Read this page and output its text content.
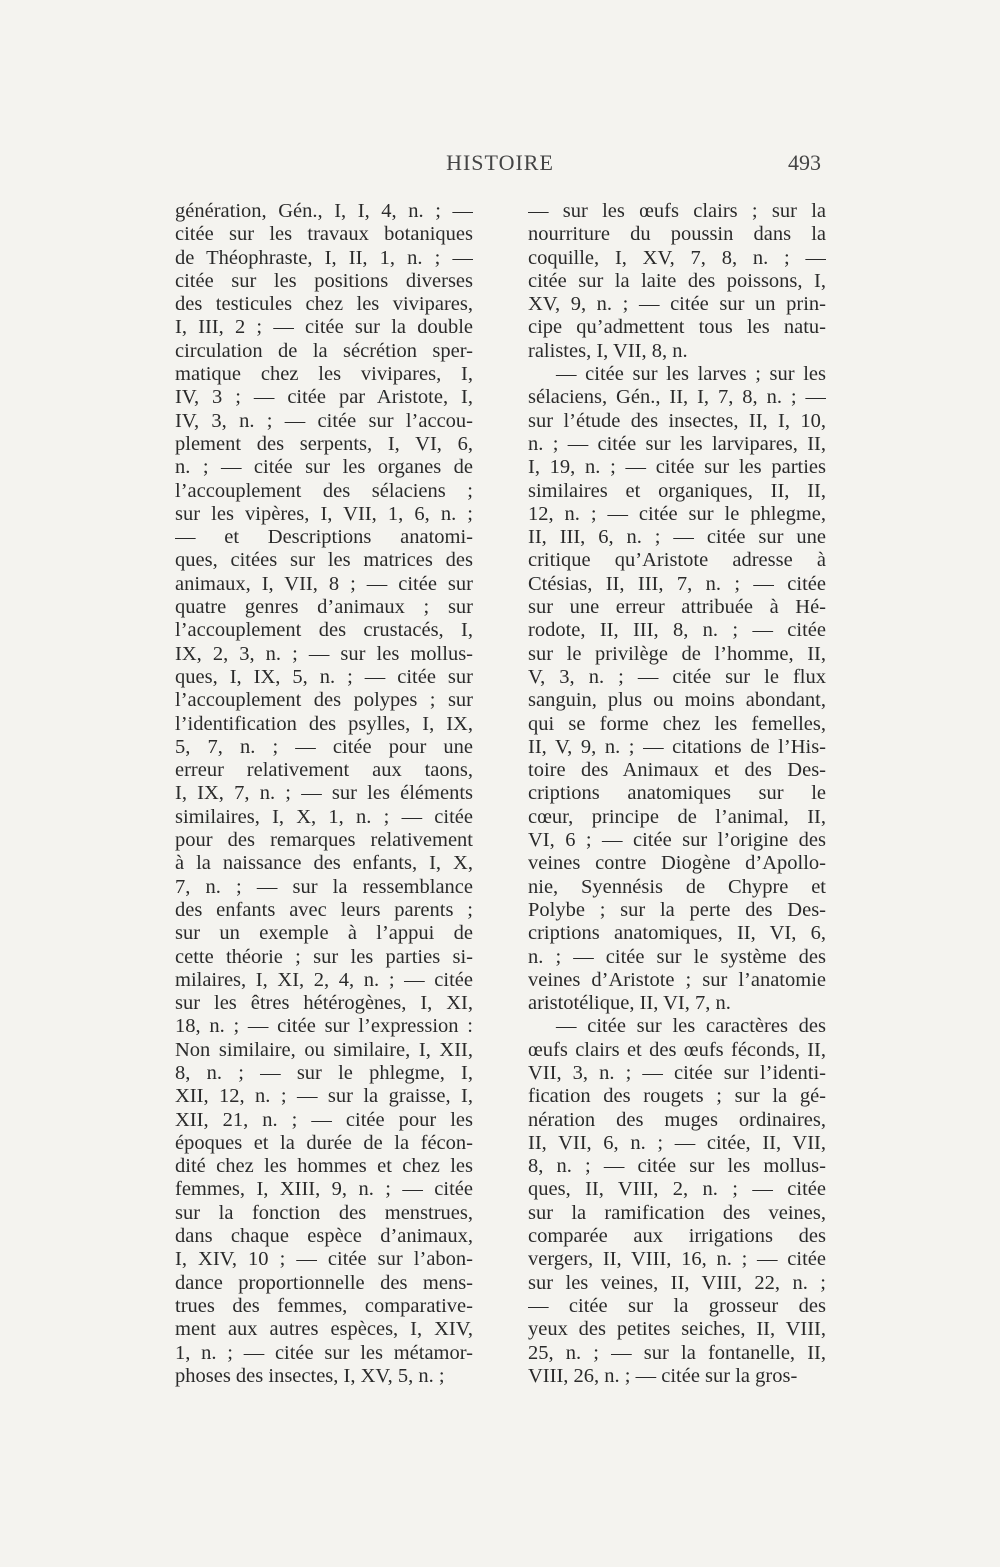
HISTOIRE	493
génération, Gén., I, I, 4, n. ; —
citée sur les travaux botaniques
de Théophraste, I, II, 1, n. ; —
citée sur les positions diverses
des testicules chez les vivipares,
I, III, 2 ; — citée sur la double
circulation de la sécrétion sper-
matique chez les vivipares, I,
IV, 3 ; — citée par Aristote, I,
IV, 3, n. ; — citée sur l’accou-
plement des serpents, I, VI, 6,
n. ; — citée sur les organes de
l’accouplement des sélaciens ;
sur les vipères, I, VII, 1, 6, n. ;
— et Descriptions anatomi-
ques, citées sur les matrices des
animaux, I, VII, 8 ; — citée sur
quatre genres d’animaux ; sur
l’accouplement des crustacés, I,
IX, 2, 3, n. ; — sur les mollus-
ques, I, IX, 5, n. ; — citée sur
l’accouplement des polypes ; sur
l’identification des psylles, I, IX,
5, 7, n. ; — citée pour une
erreur relativement aux taons,
I, IX, 7, n. ; — sur les éléments
similaires, I, X, 1, n. ; — citée
pour des remarques relativement
à la naissance des enfants, I, X,
7, n. ; — sur la ressemblance
des enfants avec leurs parents ;
sur un exemple à l’appui de
cette théorie ; sur les parties si-
milaires, I, XI, 2, 4, n. ; — citée
sur les êtres hétérogènes, I, XI,
18, n. ; — citée sur l’expression :
Non similaire, ou similaire, I, XII,
8, n. ; — sur le phlegme, I,
XII, 12, n. ; — sur la graisse, I,
XII, 21, n. ; — citée pour les
époques et la durée de la fécon-
dité chez les hommes et chez les
femmes, I, XIII, 9, n. ; — citée
sur la fonction des menstrues,
dans chaque espèce d’animaux,
I, XIV, 10 ; — citée sur l’abon-
dance proportionnelle des mens-
trues des femmes, comparative-
ment aux autres espèces, I, XIV,
1, n. ; — citée sur les métamor-
phoses des insectes, I, XV, 5, n. ;
— sur les œufs clairs ; sur la
nourriture du poussin dans la
coquille, I, XV, 7, 8, n. ; —
citée sur la laite des poissons, I,
XV, 9, n. ; — citée sur un prin-
cipe qu’admettent tous les natu-
ralistes, I, VII, 8, n.
— citée sur les larves ; sur les
sélaciens, Gén., II, I, 7, 8, n. ; —
sur l’étude des insectes, II, I, 10,
n. ; — citée sur les larvipares, II,
I, 19, n. ; — citée sur les parties
similaires et organiques, II, II,
12, n. ; — citée sur le phlegme,
II, III, 6, n. ; — citée sur une
critique qu’Aristote adresse à
Ctésias, II, III, 7, n. ; — citée
sur une erreur attribuée à Hé-
rodote, II, III, 8, n. ; — citée
sur le privilège de l’homme, II,
V, 3, n. ; — citée sur le flux
sanguin, plus ou moins abondant,
qui se forme chez les femelles,
II, V, 9, n. ; — citations de l’His-
toire des Animaux et des Des-
criptions anatomiques sur le
cœur, principe de l’animal, II,
VI, 6 ; — citée sur l’origine des
veines contre Diogène d’Apollo-
nie, Syennésis de Chypre et
Polybe ; sur la perte des Des-
criptions anatomiques, II, VI, 6,
n. ; — citée sur le système des
veines d’Aristote ; sur l’anatomie
aristotélique, II, VI, 7, n.
— citée sur les caractères des
œufs clairs et des œufs féconds, II,
VII, 3, n. ; — citée sur l’identi-
fication des rougets ; sur la gé-
nération des muges ordinaires,
II, VII, 6, n. ; — citée, II, VII,
8, n. ; — citée sur les mollus-
ques, II, VIII, 2, n. ; — citée
sur la ramification des veines,
comparée aux irrigations des
vergers, II, VIII, 16, n. ; — citée
sur les veines, II, VIII, 22, n. ;
— citée sur la grosseur des
yeux des petites seiches, II, VIII,
25, n. ; — sur la fontanelle, II,
VIII, 26, n. ; — citée sur la gros-
